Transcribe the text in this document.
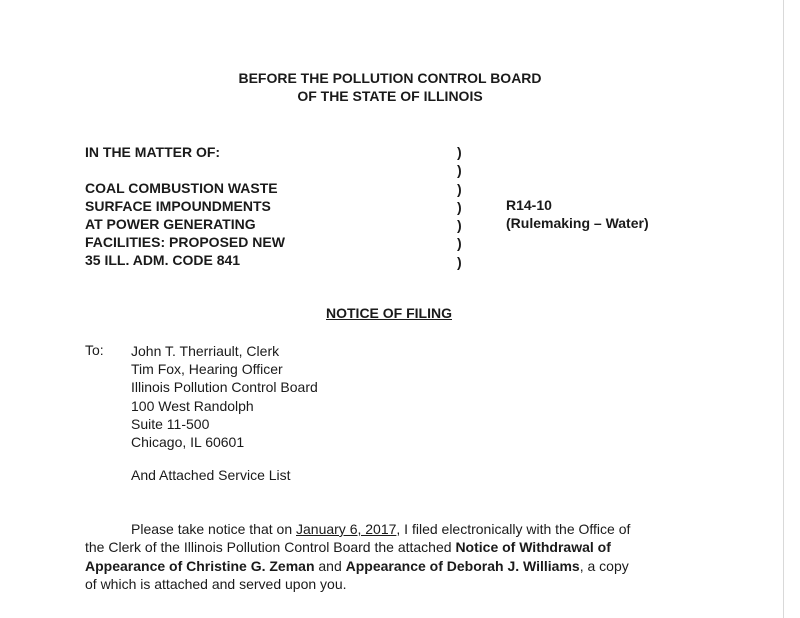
BEFORE THE POLLUTION CONTROL BOARD
OF THE STATE OF ILLINOIS
IN THE MATTER OF:
COAL COMBUSTION WASTE
SURFACE IMPOUNDMENTS
AT POWER GENERATING
FACILITIES: PROPOSED NEW
35 ILL. ADM. CODE 841
)
)
)
)
)
)
)
R14-10
(Rulemaking – Water)
NOTICE OF FILING
To: John T. Therriault, Clerk
Tim Fox, Hearing Officer
Illinois Pollution Control Board
100 West Randolph
Suite 11-500
Chicago, IL 60601
And Attached Service List
Please take notice that on January 6, 2017, I filed electronically with the Office of
the Clerk of the Illinois Pollution Control Board the attached Notice of Withdrawal of
Appearance of Christine G. Zeman and Appearance of Deborah J. Williams, a copy
of which is attached and served upon you.
